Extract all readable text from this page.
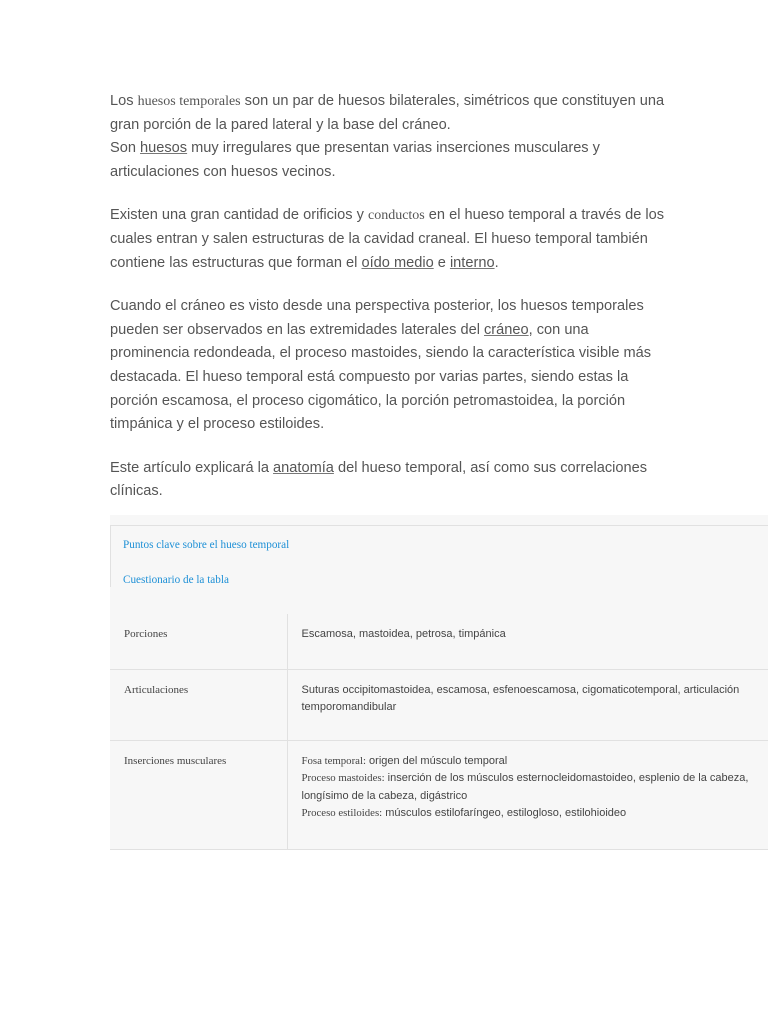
Los huesos temporales son un par de huesos bilaterales, simétricos que constituyen una gran porción de la pared lateral y la base del cráneo.
Son huesos muy irregulares que presentan varias inserciones musculares y articulaciones con huesos vecinos.

Existen una gran cantidad de orificios y conductos en el hueso temporal a través de los cuales entran y salen estructuras de la cavidad craneal. El hueso temporal también contiene las estructuras que forman el oído medio e interno.

Cuando el cráneo es visto desde una perspectiva posterior, los huesos temporales pueden ser observados en las extremidades laterales del cráneo, con una prominencia redondeada, el proceso mastoides, siendo la característica visible más destacada. El hueso temporal está compuesto por varias partes, siendo estas la porción escamosa, el proceso cigomático, la porción petromastoidea, la porción timpánica y el proceso estiloides.

Este artículo explicará la anatomía del hueso temporal, así como sus correlaciones clínicas.

Puntos clave sobre el hueso temporal
Cuestionario de la tabla
Porciones	Escamosa, mastoidea, petrosa, timpánica
Articulaciones	Suturas occipitomastoidea, escamosa, esfenoescamosa, cigomaticotemporal, articulación temporomandibular
Inserciones musculares	Fosa temporal: origen del músculo temporal
Proceso mastoides: inserción de los músculos esternocleidomastoideo, esplenio de la cabeza, longísimo de la cabeza, digástrico
Proceso estiloides: músculos estilofaríngeo, estilogloso, estilohioideo
